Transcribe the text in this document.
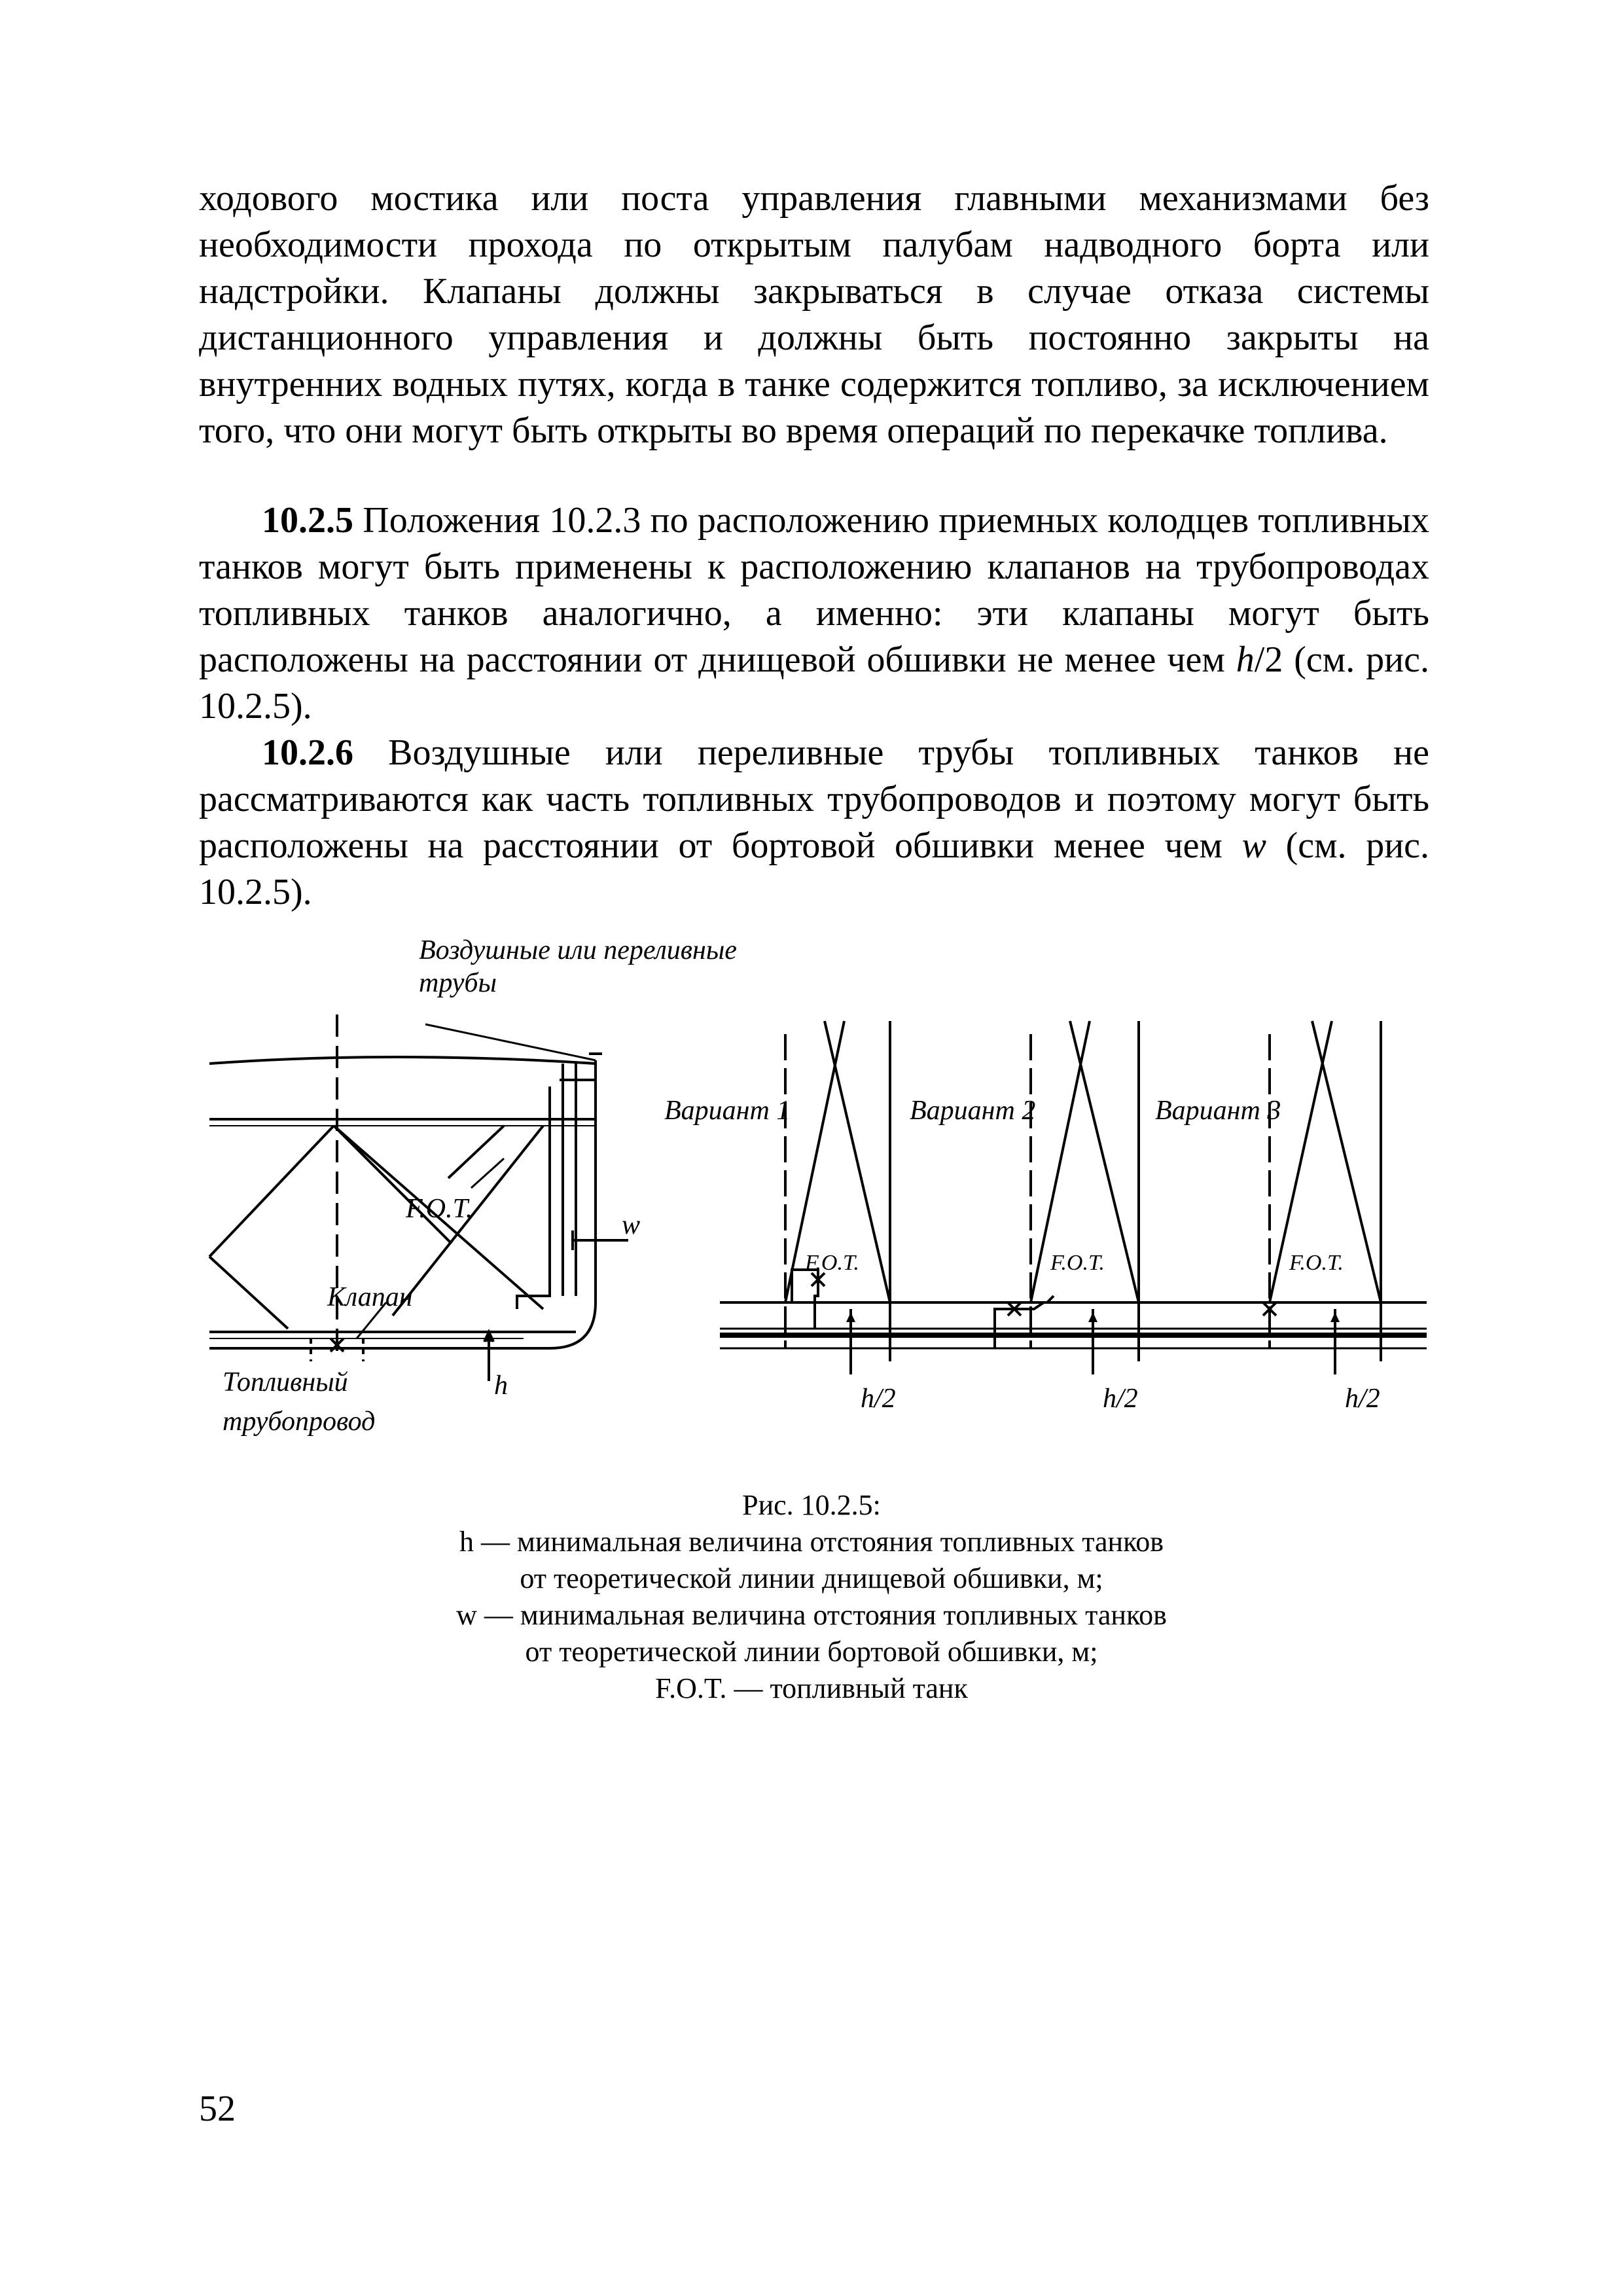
ходового мостика или поста управления главными механизмами без необходимости прохода по открытым палубам надводного борта или надстройки. Клапаны должны закрываться в случае отказа системы дистанционного управления и должны быть постоянно закрыты на внутренних водных путях, когда в танке содержится топливо, за исключением того, что они могут быть открыты во время операций по перекачке топлива.

10.2.5 Положения 10.2.3 по расположению приемных колодцев топливных танков могут быть применены к расположению клапанов на трубопроводах топливных танков аналогично, а именно: эти клапаны могут быть расположены на расстоянии от днищевой обшивки не менее чем h/2 (см. рис. 10.2.5).

10.2.6 Воздушные или переливные трубы топливных танков не рассматриваются как часть топливных трубопроводов и поэтому могут быть расположены на расстоянии от бортовой обшивки менее чем w (см. рис. 10.2.5).

Воздушные или переливные
трубы
F.O.T.
w
Клапан
Топливный
трубопровод
h
Вариант 1	Вариант 2	Вариант 3
F.O.T.	F.O.T.	F.O.T.
h/2	h/2	h/2
Рис. 10.2.5:
h — минимальная величина отстояния топливных танков
от теоретической линии днищевой обшивки, м;
w — минимальная величина отстояния топливных танков
от теоретической линии бортовой обшивки, м;
F.O.T. — топливный танк
52
